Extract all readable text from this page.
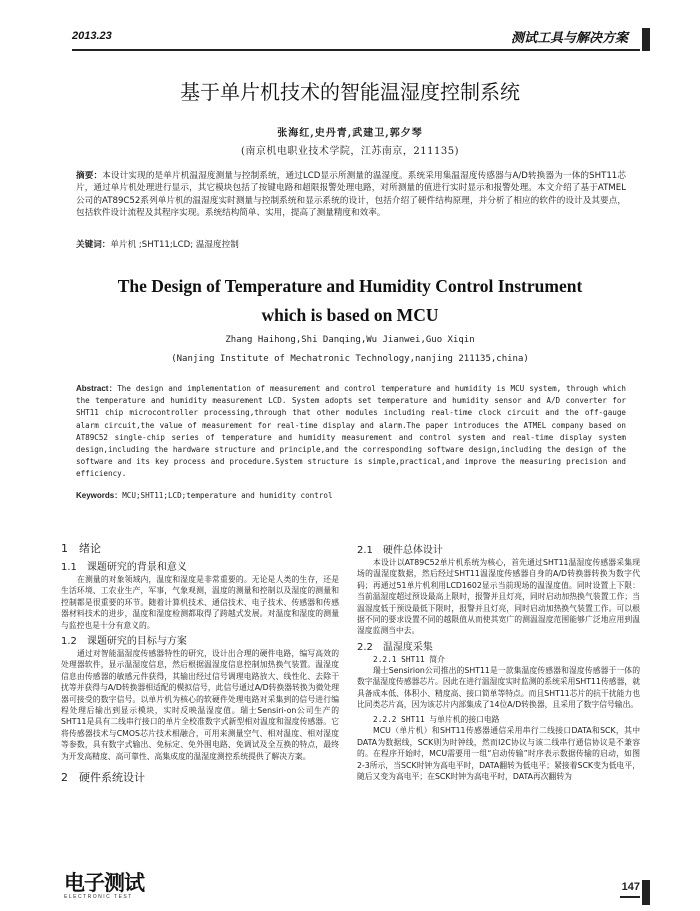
2013.23	测试工具与解决方案
基于单片机技术的智能温湿度控制系统
张海红,史丹青,武建卫,郭夕琴
(南京机电职业技术学院，江苏南京，211135)
摘要：本设计实现的是单片机温湿度测量与控制系统，通过LCD显示所测量的温湿度。系统采用集温湿度传感器与A/D转换器为一体的SHT11芯片，通过单片机处理进行显示，其它模块包括了按键电路和超限报警处理电路，对所测量的值进行实时显示和报警处理。本文介绍了基于ATMEL公司的AT89C52系列单片机的温湿度实时测量与控制系统和显示系统的设计，包括介绍了硬件结构原理，并分析了相应的软件的设计及其要点，包括软件设计流程及其程序实现。系统结构简单、实用，提高了测量精度和效率。
关键词：单片机 ;SHT11;LCD; 温湿度控制
The Design of Temperature and Humidity Control Instrument
which is based on MCU
Zhang Haihong,Shi Danqing,Wu Jianwei,Guo Xiqin
(Nanjing Institute of Mechatronic Technology,nanjing 211135,china)
Abstract：The design and implementation of measurement and control temperature and humidity is MCU system, through which the temperature and humidity measurement LCD. System adopts set temperature and humidity sensor and A/D converter for SHT11 chip microcontroller processing,through that other modules including real-time clock circuit and the off-gauge alarm circuit,the value of measurement for real-time display and alarm.The paper introduces the ATMEL company based on AT89C52 single-chip series of temperature and humidity measurement and control system and real-time display system design,including the hardware structure and principle,and the corresponding software design,including the design of the software and its key process and procedure.System structure is simple,practical,and improve the measuring precision and efficiency.
Keywords：MCU;SHT11;LCD;temperature and humidity control
1　绪论
1.1　课题研究的背景和意义

在测量的对象领域内，温度和湿度是非常重要的。无论是人类的生存，还是生活环境、工农业生产，军事，气象观测，温度的测量和控制以及湿度的测量和控制都是很重要的环节。随着计算机技术、通信技术、电子技术、传感器和传感器材料技术的进步，温度和湿度检测都取得了跨越式发展。对温度和湿度的测量与监控也是十分有意义的。

1.2　课题研究的目标与方案

通过对智能温湿度传感器特性的研究，设计出合理的硬件电路，编写高效的处理器软件，显示温湿度信息，然后根据温湿度信息控制加热换气装置。温湿度信息由传感器的敏感元件获得，其输出经过信号调理电路放大、线性化、去除干扰等并获得与A/D转换器相适配的模拟信号，此信号通过A/D转换器转换为微处理器可接受的数字信号。以单片机为核心的软硬件处理电路对采集到的信号进行编程处理后输出到显示模块，实时反映温湿度值。瑞士Sensiri-on公司生产的SHT11是具有二线串行接口的单片全校准数字式新型相对温度和湿度传感器。它将传感器技术与CMOS芯片技术相融合，可用来测量空气、相对温度、相对湿度等参数，具有数字式输出、免标定、免外围电路、免调试及全互换的特点，最终为开发高精度、高可靠性、高集成度的温湿度测控系统提供了解决方案。

2　硬件系统设计
2.1　硬件总体设计

本设计以AT89C52单片机系统为核心，首先通过SHT11温湿度传感器采集现场的温湿度数据，然后经过SHT11温湿度传感器自身的A/D转换器转换为数字代码；再通过51单片机利用LCD1602显示当前现场的温湿度值。同时设置上下限：当前温湿度超过预设最高上限时，报警并且灯亮，同时启动加热换气装置工作；当温湿度低于预设最低下限时，报警并且灯亮，同时启动加热换气装置工作。可以根据不同的要求设置不同的越限值从而使其宽广的测温湿度范围能够广泛地应用到温湿度监测当中去。

2.2　温湿度采集
2.2.1 SHT11 简介

瑞士Sensirion公司推出的SHT11是一款集温度传感器和湿度传感器于一体的数字温湿度传感器芯片。因此在进行温湿度实时监测的系统采用SHT11传感器，就具备成本低、体积小、精度高、接口简单等特点。而且SHT11芯片的抗干扰能力也比同类芯片高，因为该芯片内部集成了14位A/D转换器，且采用了数字信号输出。

2.2.2 SHT11 与单片机的接口电路

MCU（单片机）和SHT11传感器通信采用串行二线接口DATA和SCK，其中DATA为数据线，SCK则为时钟线，然而I2C协议与该二线串行通信协议是不兼容的。在程序开始时，MCU需要用一组“启动传输”时序表示数据传输的启动，如图2-3所示，当SCK时钟为高电平时，DATA翻转为低电平；紧接着SCK变为低电平，随后又变为高电平；在SCK时钟为高电平时，DATA再次翻转为

电子测试
ELECTRONIC TEST
147
